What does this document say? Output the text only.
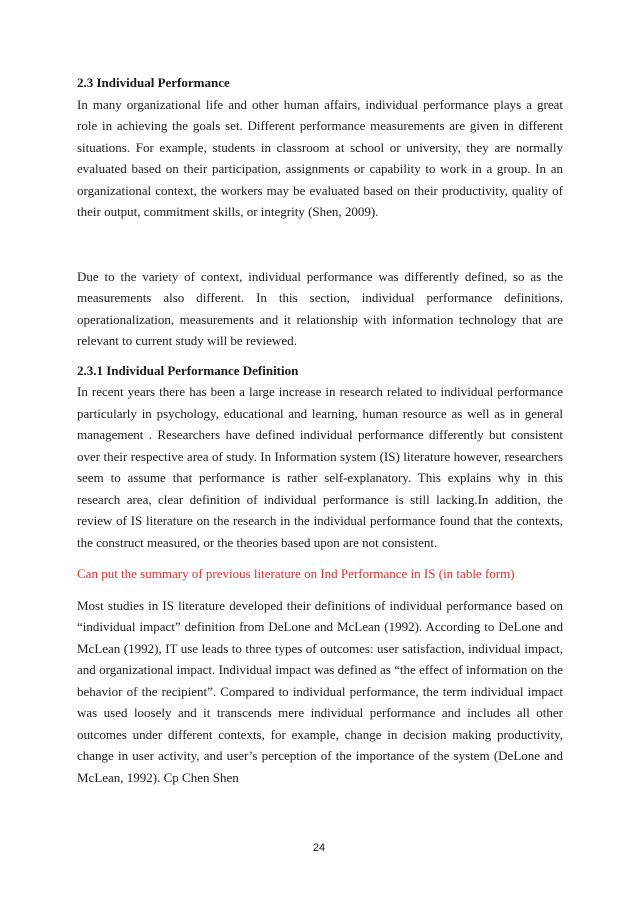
2.3 Individual Performance

In many organizational life and other human affairs, individual performance plays a great role in achieving the goals set. Different performance measurements are given in different situations. For example, students in classroom at school or university, they are normally evaluated based on their participation, assignments or capability to work in a group. In an organizational context, the workers may be evaluated based on their productivity, quality of their output, commitment skills, or integrity (Shen, 2009).

Due to the variety of context, individual performance was differently defined, so as the measurements also different. In this section, individual performance definitions, operationalization, measurements and it relationship with information technology that are relevant to current study will be reviewed.

2.3.1 Individual Performance Definition

In recent years there has been a large increase in research related to individual performance particularly in psychology, educational and learning, human resource as well as in general management . Researchers have defined individual performance differently but consistent over their respective area of study. In Information system (IS) literature however, researchers seem to assume that performance is rather self-explanatory. This explains why in this research area, clear definition of individual performance is still lacking.In addition, the review of IS literature on the research in the individual performance found that the contexts, the construct measured, or the theories based upon are not consistent.

Can put the summary of previous literature on Ind Performance in IS (in table form)

Most studies in IS literature developed their definitions of individual performance based on “individual impact” definition from DeLone and McLean (1992). According to DeLone and McLean (1992), IT use leads to three types of outcomes: user satisfaction, individual impact, and organizational impact. Individual impact was defined as “the effect of information on the behavior of the recipient”. Compared to individual performance, the term individual impact was used loosely and it transcends mere individual performance and includes all other outcomes under different contexts, for example, change in decision making productivity, change in user activity, and user’s perception of the importance of the system (DeLone and McLean, 1992). Cp Chen Shen

24
